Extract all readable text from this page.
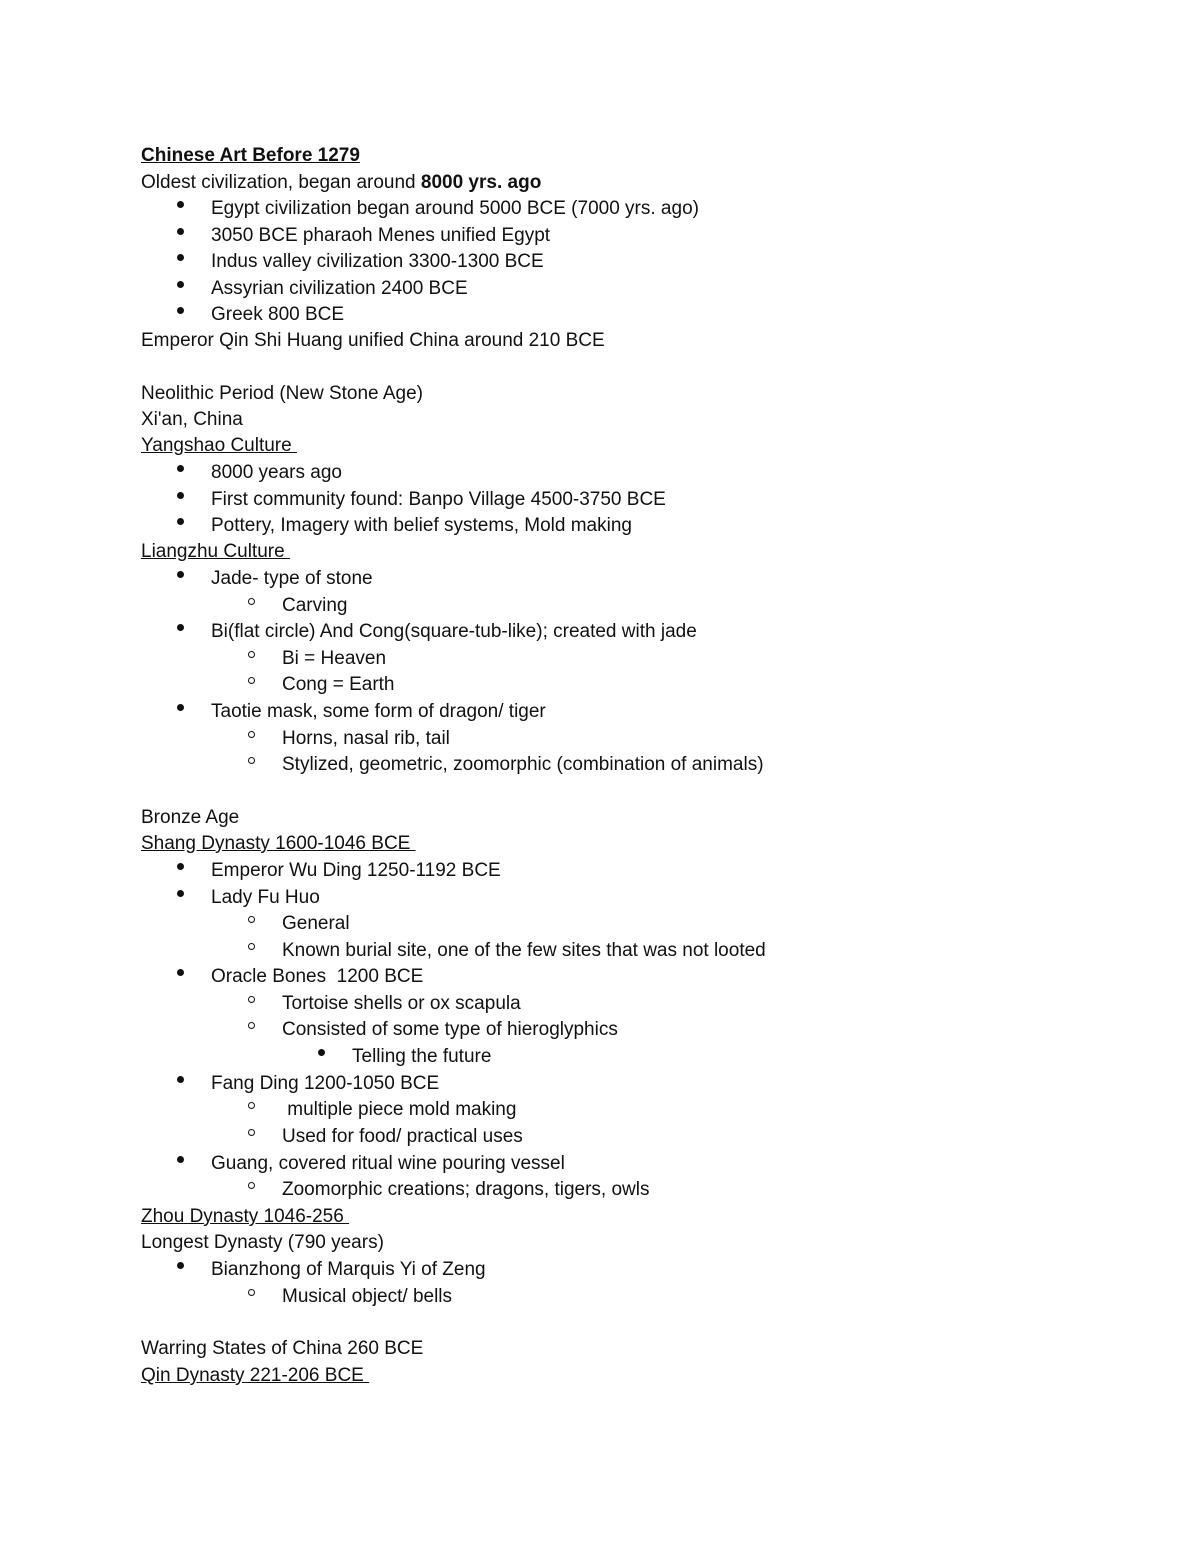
Chinese Art Before 1279
Oldest civilization, began around 8000 yrs. ago
Egypt civilization began around 5000 BCE (7000 yrs. ago)
3050 BCE pharaoh Menes unified Egypt
Indus valley civilization 3300-1300 BCE
Assyrian civilization 2400 BCE
Greek 800 BCE
Emperor Qin Shi Huang unified China around 210 BCE
Neolithic Period (New Stone Age)
Xi'an, China
Yangshao Culture
8000 years ago
First community found: Banpo Village 4500-3750 BCE
Pottery, Imagery with belief systems, Mold making
Liangzhu Culture
Jade- type of stone
Carving
Bi(flat circle) And Cong(square-tub-like); created with jade
Bi = Heaven
Cong = Earth
Taotie mask, some form of dragon/ tiger
Horns, nasal rib, tail
Stylized, geometric, zoomorphic (combination of animals)
Bronze Age
Shang Dynasty 1600-1046 BCE
Emperor Wu Ding 1250-1192 BCE
Lady Fu Huo
General
Known burial site, one of the few sites that was not looted
Oracle Bones  1200 BCE
Tortoise shells or ox scapula
Consisted of some type of hieroglyphics
Telling the future
Fang Ding 1200-1050 BCE
multiple piece mold making
Used for food/ practical uses
Guang, covered ritual wine pouring vessel
Zoomorphic creations; dragons, tigers, owls
Zhou Dynasty 1046-256
Longest Dynasty (790 years)
Bianzhong of Marquis Yi of Zeng
Musical object/ bells
Warring States of China 260 BCE
Qin Dynasty 221-206 BCE
